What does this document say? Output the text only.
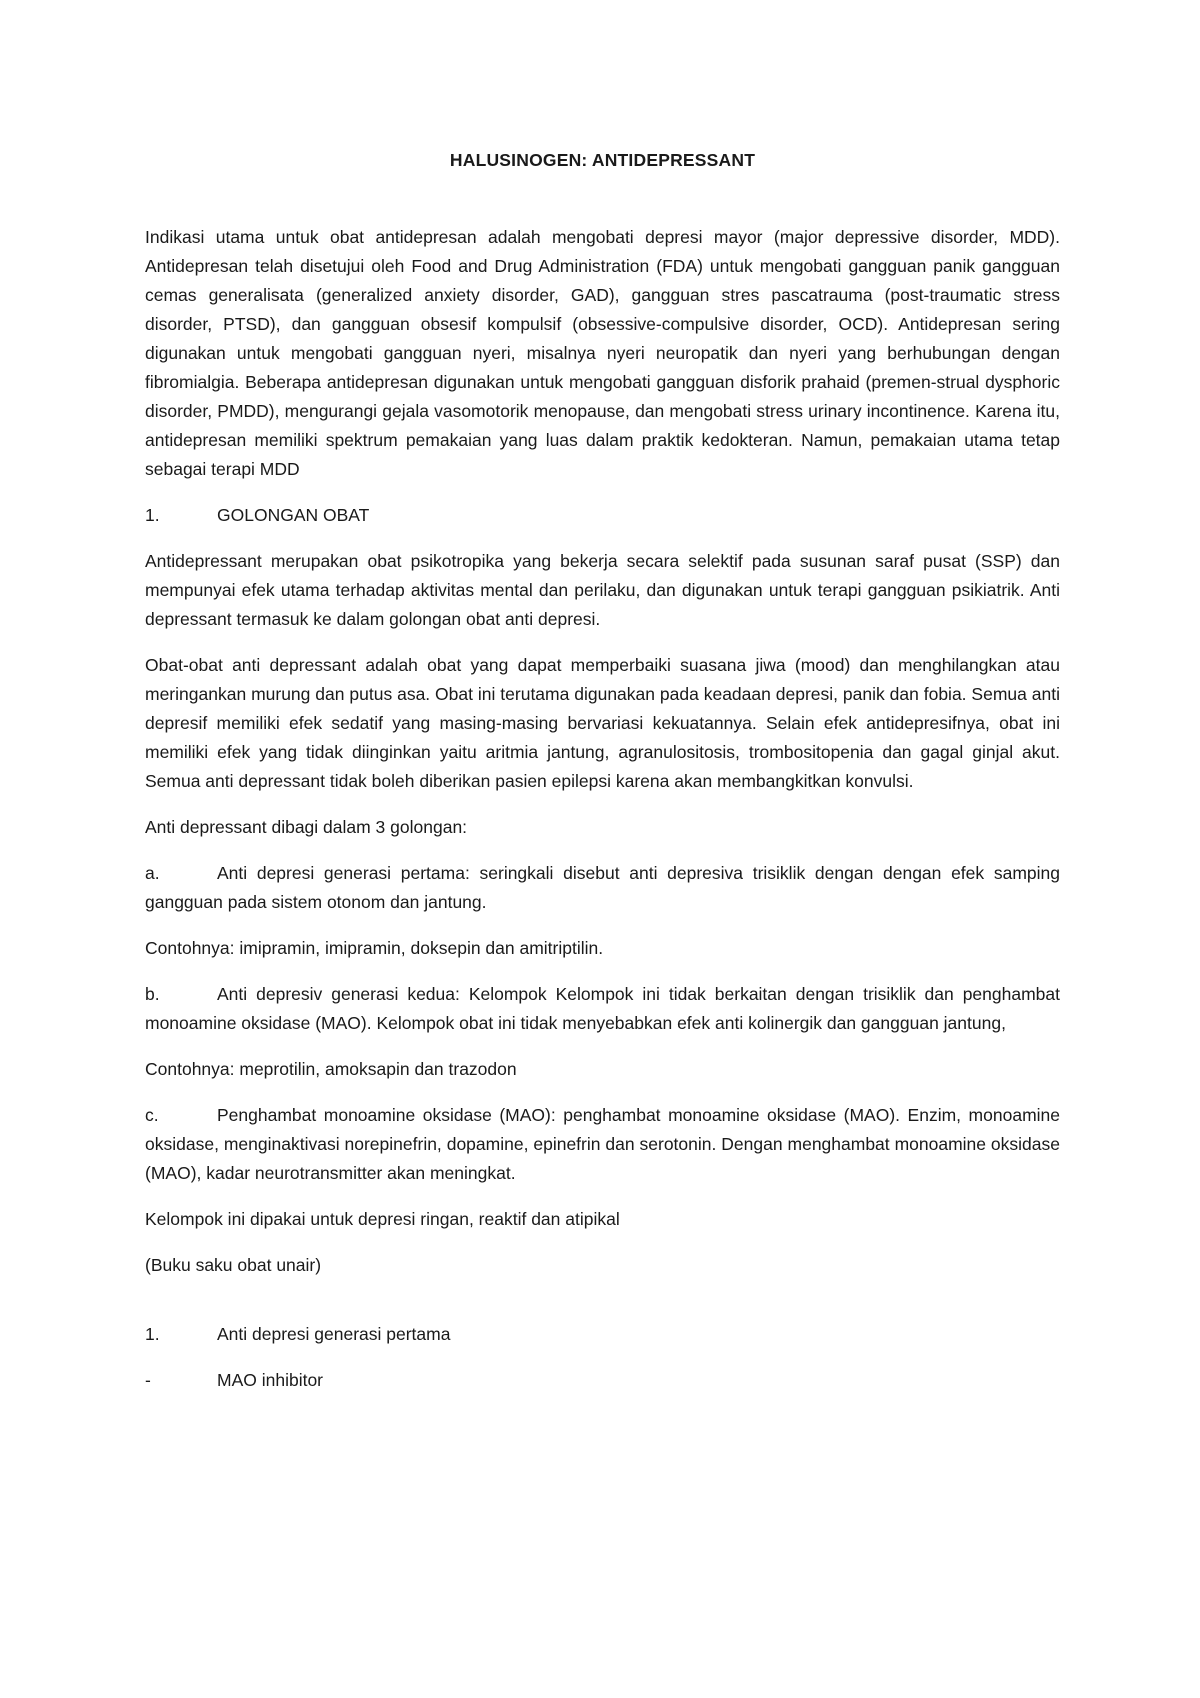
HALUSINOGEN: ANTIDEPRESSANT

Indikasi utama untuk obat antidepresan adalah mengobati depresi mayor (major depressive disorder, MDD). Antidepresan telah disetujui oleh Food and Drug Administration (FDA) untuk mengobati gangguan panik gangguan cemas generalisata (generalized anxiety disorder, GAD), gangguan stres pascatrauma (post-traumatic stress disorder, PTSD), dan gangguan obsesif kompulsif (obsessive-compulsive disorder, OCD). Antidepresan sering digunakan untuk mengobati gangguan nyeri, misalnya nyeri neuropatik dan nyeri yang berhubungan dengan fibromialgia. Beberapa antidepresan digunakan untuk mengobati gangguan disforik prahaid (premen-strual dysphoric disorder, PMDD), mengurangi gejala vasomotorik menopause, dan mengobati stress urinary incontinence. Karena itu, antidepresan memiliki spektrum pemakaian yang luas dalam praktik kedokteran. Namun, pemakaian utama tetap sebagai terapi MDD

1.	GOLONGAN OBAT

Antidepressant merupakan obat psikotropika yang bekerja secara selektif pada susunan saraf pusat (SSP) dan mempunyai efek utama terhadap aktivitas mental dan perilaku, dan digunakan untuk terapi gangguan psikiatrik. Anti depressant termasuk ke dalam golongan obat anti depresi.

Obat-obat anti depressant adalah obat yang dapat memperbaiki suasana jiwa (mood) dan menghilangkan atau meringankan murung dan putus asa. Obat ini terutama digunakan pada keadaan depresi, panik dan fobia. Semua anti depresif memiliki efek sedatif yang masing-masing bervariasi kekuatannya. Selain efek antidepresifnya, obat ini memiliki efek yang tidak diinginkan yaitu aritmia jantung, agranulositosis, trombositopenia dan gagal ginjal akut. Semua anti depressant tidak boleh diberikan pasien epilepsi karena akan membangkitkan konvulsi.

Anti depressant dibagi dalam 3 golongan:

a.	Anti depresi generasi pertama: seringkali disebut anti depresiva trisiklik dengan dengan efek samping gangguan pada sistem otonom dan jantung.

Contohnya: imipramin, imipramin, doksepin dan amitriptilin.

b.	Anti depresiv generasi kedua: Kelompok Kelompok ini tidak berkaitan dengan trisiklik dan penghambat monoamine oksidase (MAO). Kelompok obat ini tidak menyebabkan efek anti kolinergik dan gangguan jantung,

Contohnya: meprotilin, amoksapin dan trazodon

c.	Penghambat monoamine oksidase (MAO): penghambat monoamine oksidase (MAO). Enzim, monoamine oksidase, menginaktivasi norepinefrin, dopamine, epinefrin dan serotonin. Dengan menghambat monoamine oksidase (MAO), kadar neurotransmitter akan meningkat.

Kelompok ini dipakai untuk depresi ringan, reaktif dan atipikal

(Buku saku obat unair)

1.	Anti depresi generasi pertama

-	MAO inhibitor
